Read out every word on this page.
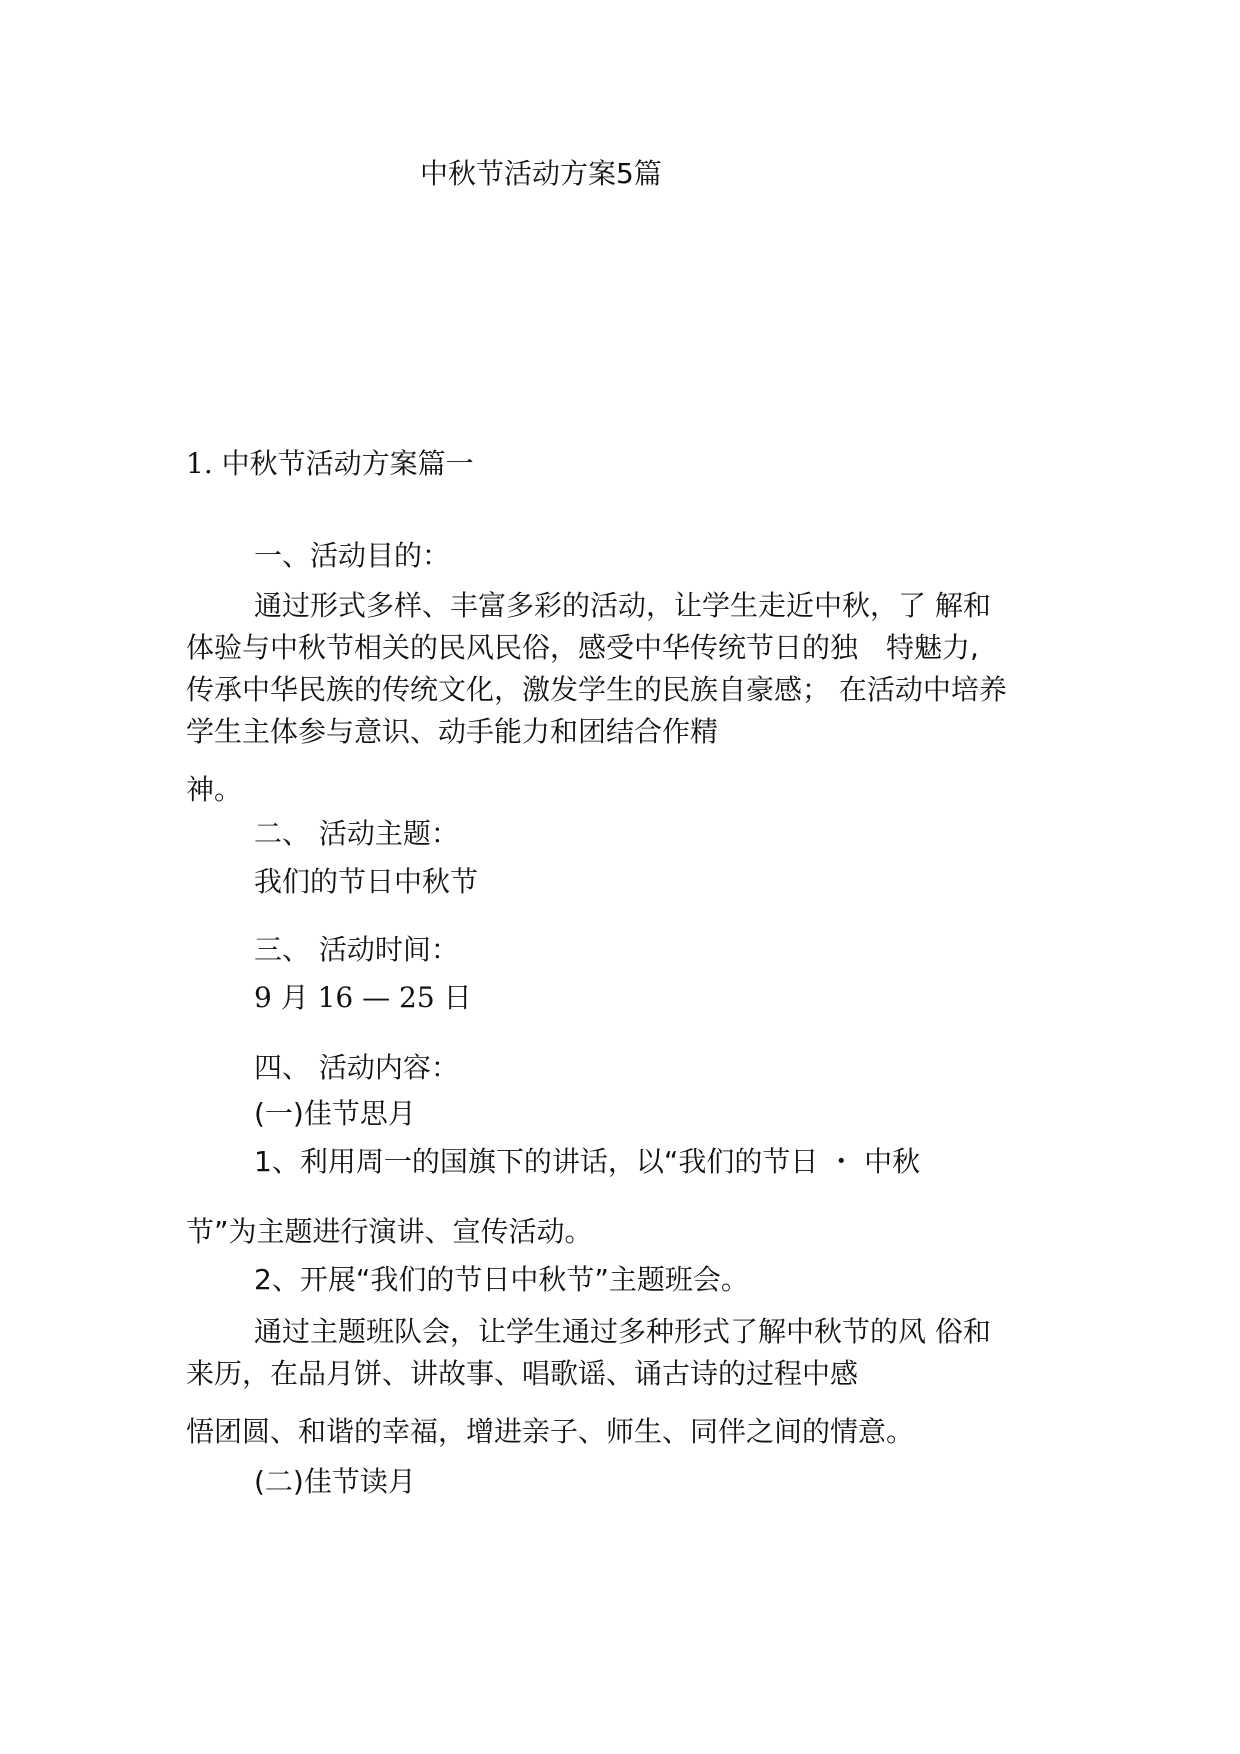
中秋节活动方案5篇

1. 中秋节活动方案篇一

一、活动目的：

通过形式多样、丰富多彩的活动，让学生走近中秋，了 解和

体验与中秋节相关的民风民俗，感受中华传统节日的独　特魅力,

传承中华民族的传统文化，激发学生的民族自豪感； 在活动中培养

学生主体参与意识、动手能力和团结合作精

神。

二、 活动主题：

我们的节日中秋节

三、 活动时间：

9 月 16 — 25 日

四、 活动内容：

(一)佳节思月

1、利用周一的国旗下的讲话，以“我们的节日 ・ 中秋

节”为主题进行演讲、宣传活动。

2、开展“我们的节日中秋节”主题班会。

通过主题班队会，让学生通过多种形式了解中秋节的风 俗和

来历，在品月饼、讲故事、唱歌谣、诵古诗的过程中感

悟团圆、和谐的幸福，增进亲子、师生、同伴之间的情意。

(二)佳节读月
